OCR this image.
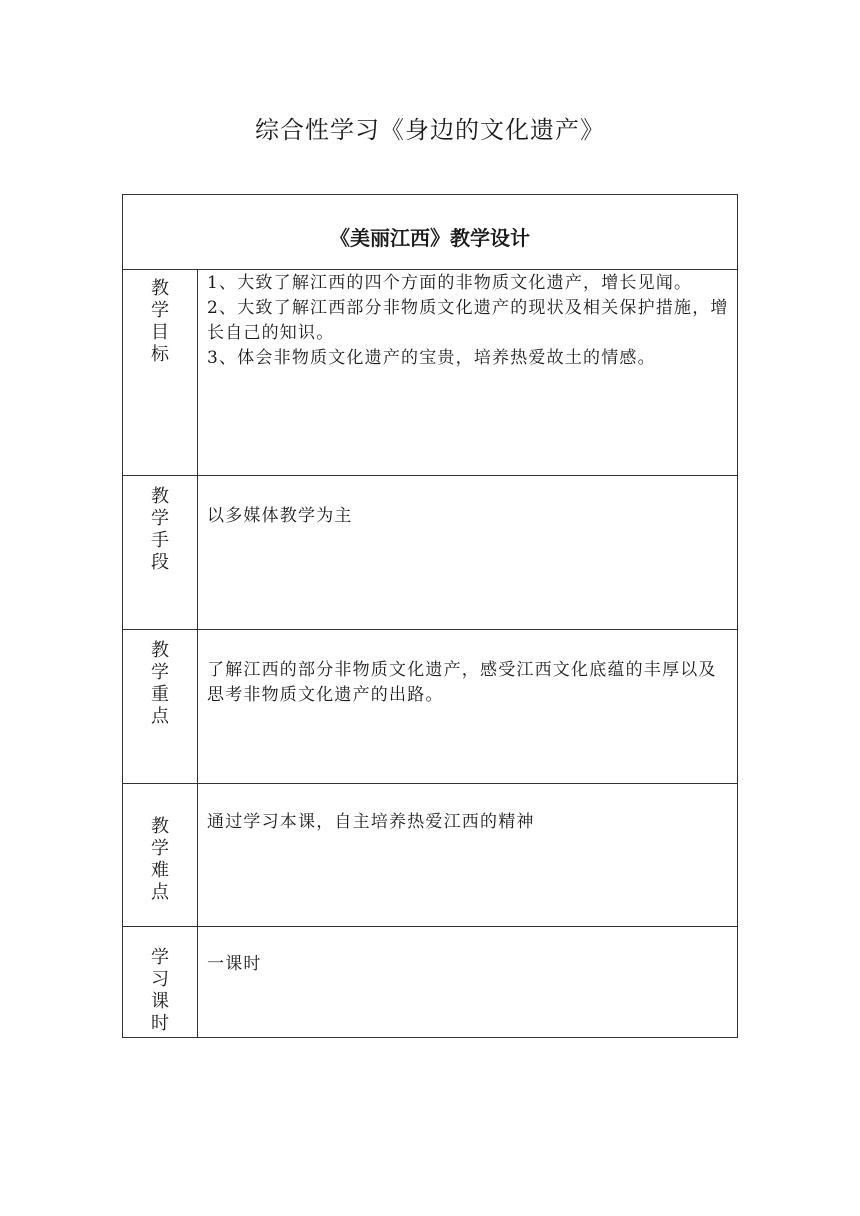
综合性学习《身边的文化遗产》
《美丽江西》教学设计	
教学目标	1、大致了解江西的四个方面的非物质文化遗产，增长见闻。
2、大致了解江西部分非物质文化遗产的现状及相关保护措施，增长自己的知识。
3、体会非物质文化遗产的宝贵，培养热爱故土的情感。

教学手段	以多媒体教学为主
教学重点	了解江西的部分非物质文化遗产，感受江西文化底蕴的丰厚以及思考非物质文化遗产的出路。
教学难点	通过学习本课，自主培养热爱江西的精神
学习课时	一课时
